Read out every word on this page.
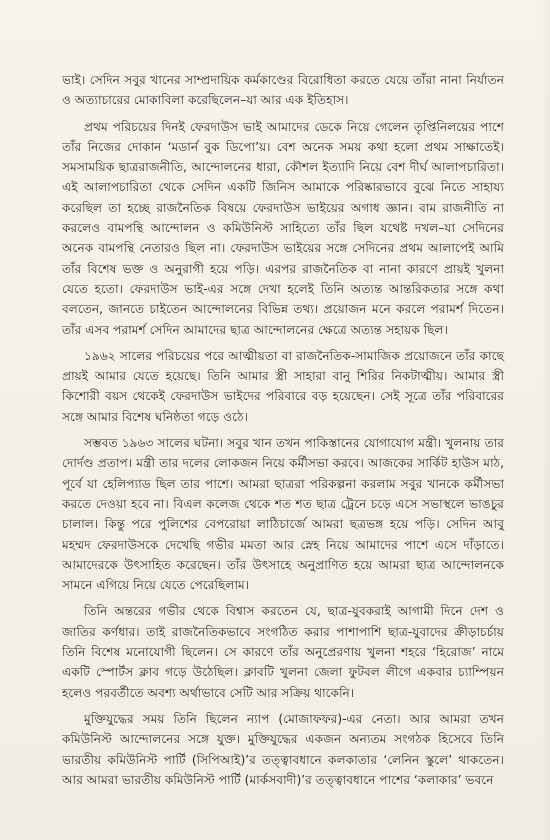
ভাই। সেদিন সবুর খানের সাম্প্রদায়িক কর্মকাণ্ডের বিরোধিতা করতে যেয়ে তাঁরা নানা নির্যাতন ও অত্যাচারের মোকাবিলা করেছিলেন–যা আর এক ইতিহাস।

প্রথম পরিচয়ের দিনই ফেরদাউস ভাই আমাদের ডেকে নিয়ে গেলেন তৃপ্তিনিলয়ের পাশে তাঁর নিজের দোকান ‘মডার্ন বুক ডিপো’য়। বেশ অনেক সময় কথা হলো প্রথম সাক্ষাতেই। সমসাময়িক ছাত্ররাজনীতি, আন্দোলনের ধারা, কৌশল ইত্যাদি নিয়ে বেশ দীর্ঘ আলাপচারিতা। এই আলাপচারিতা থেকে সেদিন একটি জিনিস আমাকে পরিষ্কারভাবে বুঝে নিতে সাহায্য করেছিল তা হচ্ছে রাজনৈতিক বিষয়ে ফেরদাউস ভাইয়ের অগাধ জ্ঞান। বাম রাজনীতি না করলেও বামপন্থি আন্দোলন ও কমিউনিস্ট সাহিত্যে তাঁর ছিল যথেষ্ট দখল–যা সেদিনের অনেক বামপন্থি নেতারও ছিল না। ফেরদাউস ভাইয়ের সঙ্গে সেদিনের প্রথম আলাপেই আমি তাঁর বিশেষ ভক্ত ও অনুরাগী হয়ে পড়ি। এরপর রাজনৈতিক বা নানা কারণে প্রায়ই খুলনা যেতে হতো। ফেরদাউস ভাই-এর সঙ্গে দেখা হলেই তিনি অত্যন্ত আন্তরিকতার সঙ্গে কথা বলতেন, জানতে চাইতেন আন্দোলনের বিভিন্ন তথ্য। প্রয়োজন মনে করলে পরামর্শ দিতেন। তাঁর এসব পরামর্শ সেদিন আমাদের ছাত্র আন্দোলনের ক্ষেত্রে অত্যন্ত সহায়ক ছিল।

১৯৬২ সালের পরিচয়ের পরে আত্মীয়তা বা রাজনৈতিক-সামাজিক প্রয়োজনে তাঁর কাছে প্রায়ই আমার যেতে হয়েছে। তিনি আমার স্ত্রী সাহারা বানু শিরির নিকটাত্মীয়। আমার স্ত্রী কিশোরী বয়স থেকেই ফেরদাউস ভাইদের পরিবারে বড় হয়েছেন। সেই সূত্রে তাঁর পরিবারের সঙ্গে আমার বিশেষ ঘনিষ্ঠতা গড়ে ওঠে।

সম্ভবত ১৯৬৩ সালের ঘটনা। সবুর খান তখন পাকিস্তানের যোগাযোগ মন্ত্রী। খুলনায় তার দোর্দণ্ড প্রতাপ। মন্ত্রী তার দলের লোকজন নিয়ে কর্মীসভা করবে। আজকের সার্কিট হাউস মাঠ, পূর্বে যা হেলিপ্যাড ছিল তার পাশে। আমরা ছাত্ররা পরিকল্পনা করলাম সবুর খানকে কর্মীসভা করতে দেওয়া হবে না। বিএল কলেজ থেকে শত শত ছাত্র ট্রেনে চড়ে এসে সভাস্থলে ভাঙচুর চালাল। কিন্তু পরে পুলিশের বেপরোয়া লাঠিচার্জে আমরা ছত্রভঙ্গ হয়ে পড়ি। সেদিন আবু মহম্মদ ফেরদাউসকে দেখেছি গভীর মমতা আর স্নেহ নিয়ে আমাদের পাশে এসে দাঁড়াতে। আমাদেরকে উৎসাহিত করেছেন। তাঁর উৎসাহে অনুপ্রাণিত হয়ে আমরা ছাত্র আন্দোলনকে সামনে এগিয়ে নিয়ে যেতে পেরেছিলাম।

তিনি অন্তরের গভীর থেকে বিশ্বাস করতেন যে, ছাত্র-যুবকরাই আগামী দিনে দেশ ও জাতির কর্ণধার। তাই রাজনৈতিকভাবে সংগঠিত করার পাশাপাশি ছাত্র-যুবাদের ক্রীড়াচর্চায় তিনি বিশেষ মনোযোগী ছিলেন। সে কারণে তাঁর অনুপ্রেরণায় খুলনা শহরে ‘হিরোজ’ নামে একটি স্পোর্টস ক্লাব গড়ে উঠেছিল। ক্লাবটি খুলনা জেলা ফুটবল লীগে একবার চ্যাম্পিয়ন হলেও পরবর্তীতে অবশ্য অর্থাভাবে সেটি আর সক্রিয় থাকেনি।

মুক্তিযুদ্ধের সময় তিনি ছিলেন ন্যাপ (মোজাফফর)-এর নেতা। আর আমরা তখন কমিউনিস্ট আন্দোলনের সঙ্গে যুক্ত। মুক্তিযুদ্ধের একজন অন্যতম সংগঠক হিসেবে তিনি ভারতীয় কমিউনিস্ট পার্টি (সিপিআই)’র তত্ত্বাবধানে কলকাতার ‘লেনিন স্কুলে’ থাকতেন। আর আমরা ভারতীয় কমিউনিস্ট পার্টি (মার্কসবাদী)’র তত্ত্বাবধানে পাশের ‘কলাকার’ ভবনে
